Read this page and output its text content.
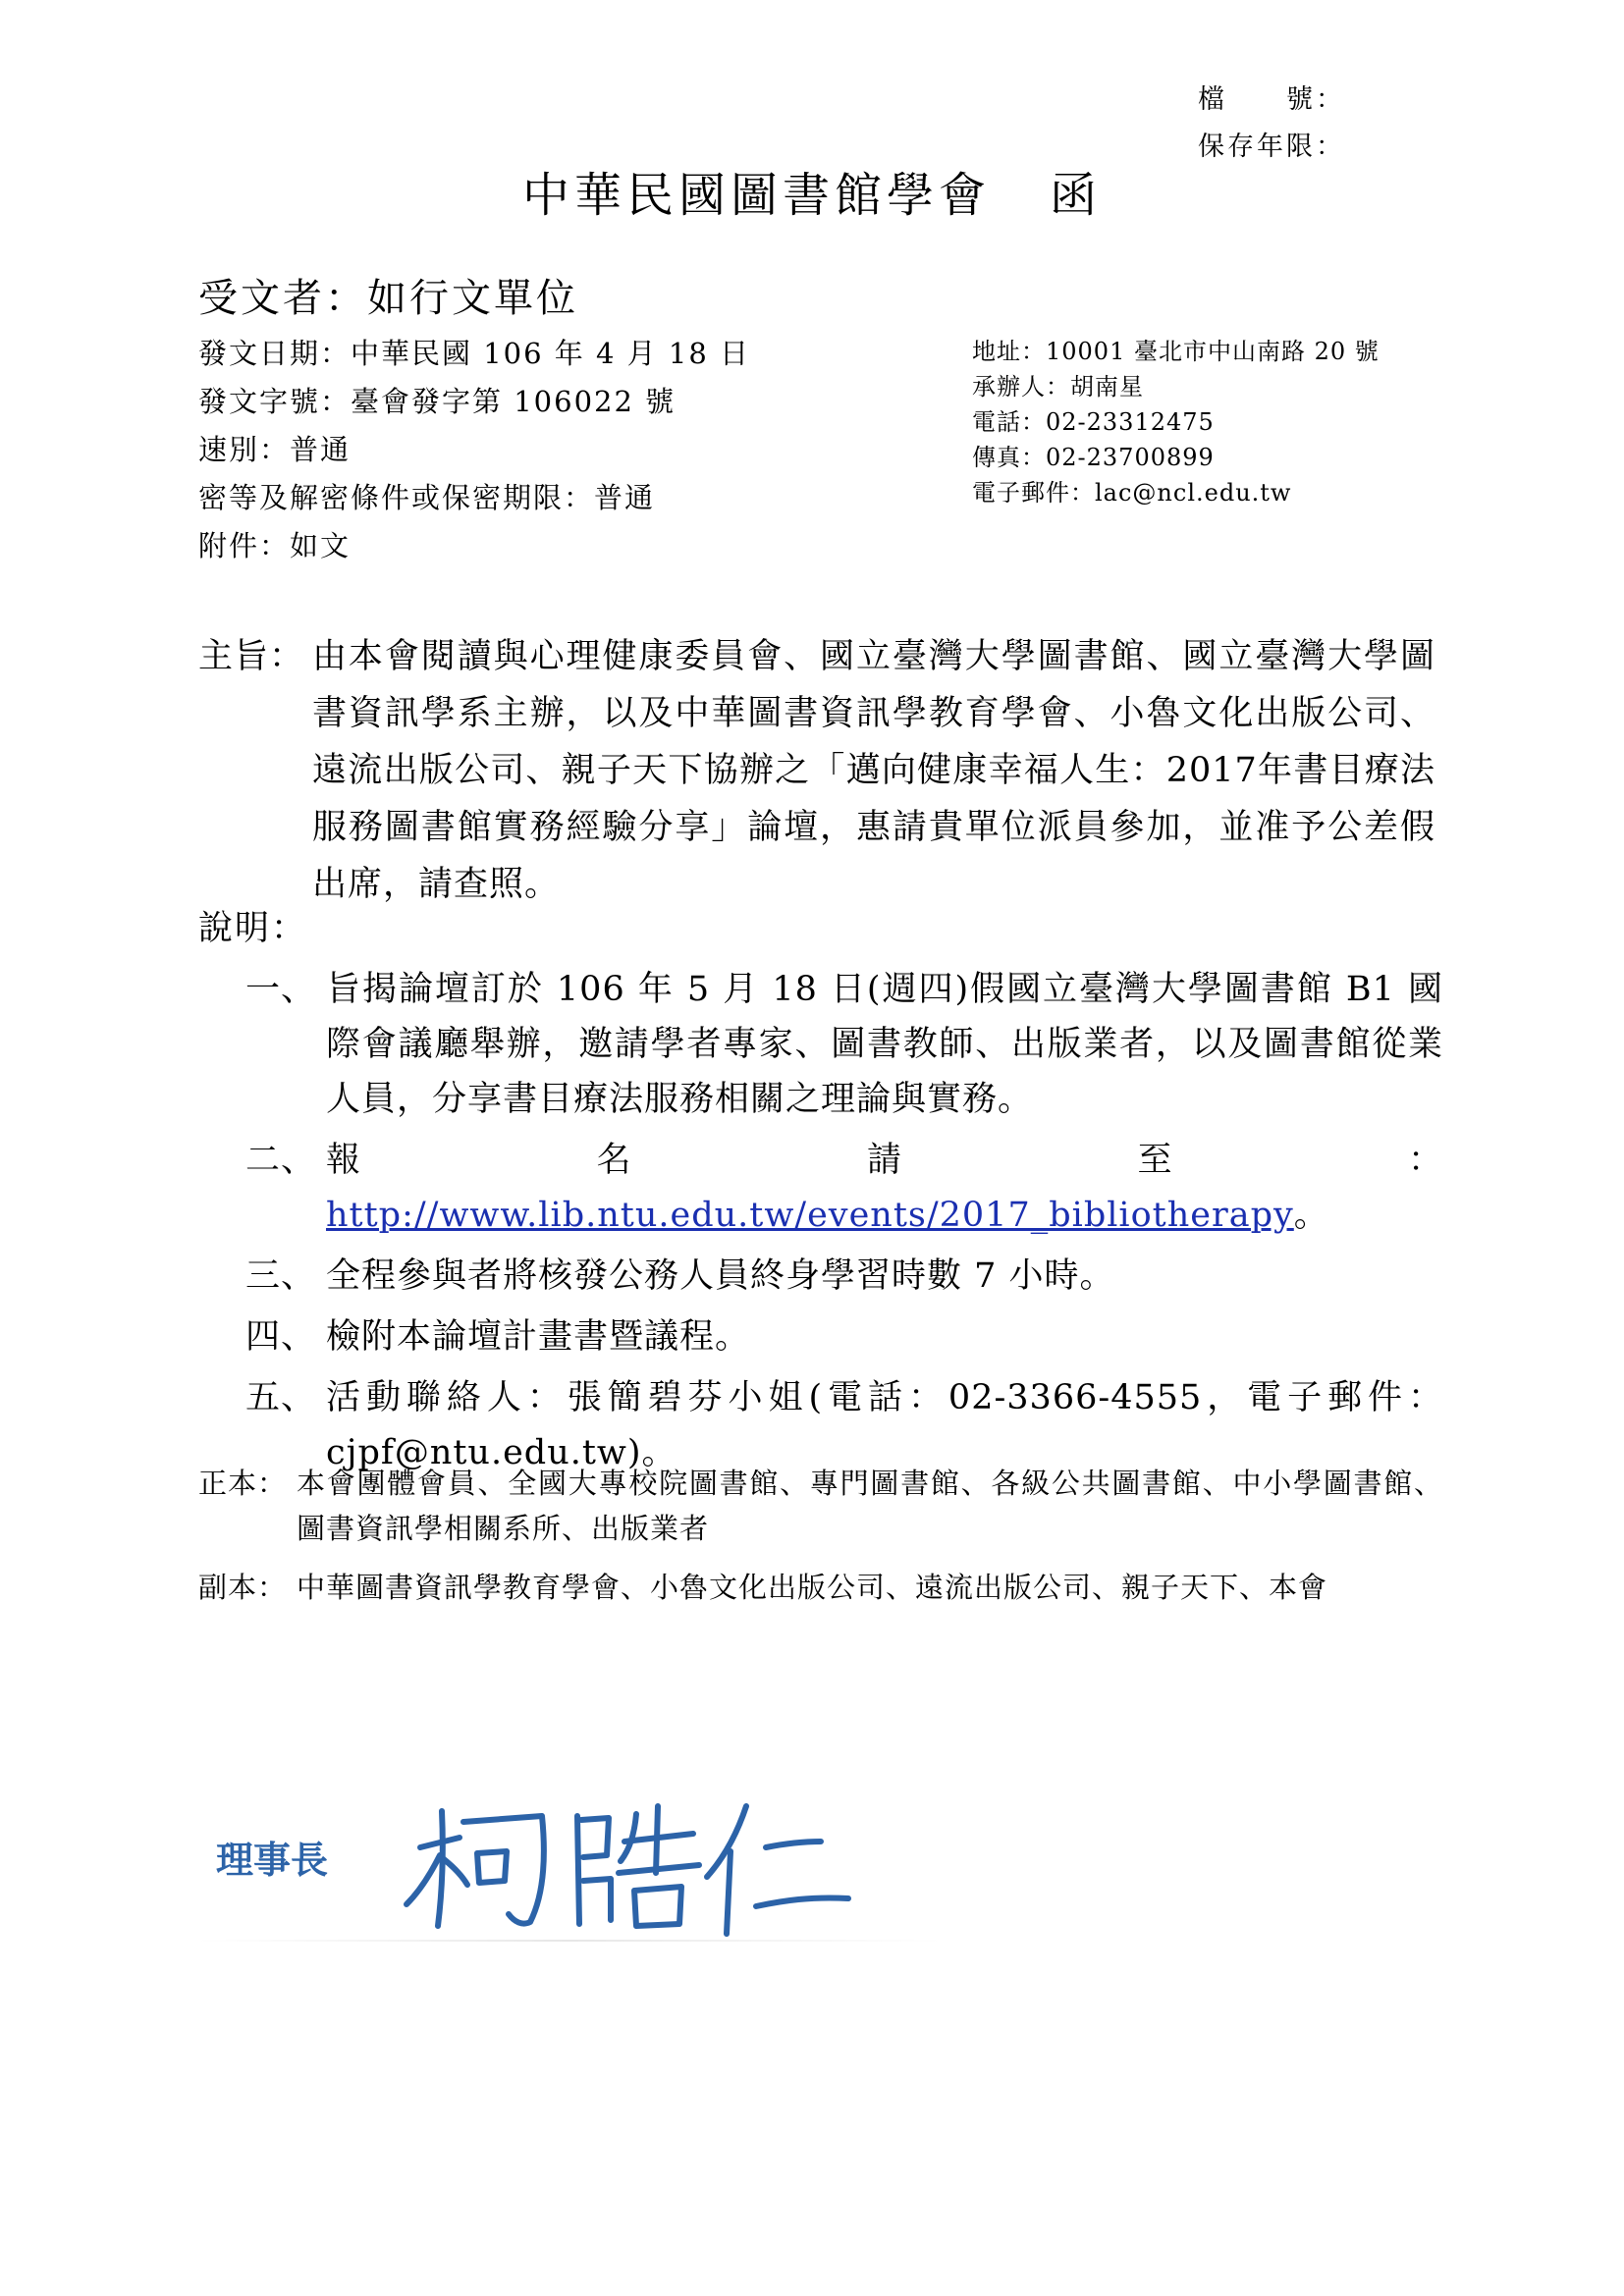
檔　　號：
保存年限：
中華民國圖書館學會 函
受文者：如行文單位
發文日期：中華民國 106 年 4 月 18 日
發文字號：臺會發字第 106022 號
速別：普通
密等及解密條件或保密期限：普通
附件：如文
地址：10001 臺北市中山南路 20 號
承辦人：胡南星
電話：02-23312475
傳真：02-23700899
電子郵件：lac@ncl.edu.tw
主旨： 由本會閱讀與心理健康委員會、國立臺灣大學圖書館、國立臺灣大學圖書資訊學系主辦，以及中華圖書資訊學教育學會、小魯文化出版公司、遠流出版公司、親子天下協辦之「邁向健康幸福人生：2017年書目療法服務圖書館實務經驗分享」論壇，惠請貴單位派員參加，並准予公差假出席，請查照。
說明：
一、 旨揭論壇訂於 106 年 5 月 18 日(週四)假國立臺灣大學圖書館 B1 國際會議廳舉辦，邀請學者專家、圖書教師、出版業者，以及圖書館從業人員，分享書目療法服務相關之理論與實務。
二、 報名請至：http://www.lib.ntu.edu.tw/events/2017_bibliotherapy。
三、 全程參與者將核發公務人員終身學習時數 7 小時。
四、 檢附本論壇計畫書暨議程。
五、 活動聯絡人：張簡碧芬小姐(電話：02-3366-4555，電子郵件：cjpf@ntu.edu.tw)。
正本： 本會團體會員、全國大專校院圖書館、專門圖書館、各級公共圖書館、中小學圖書館、圖書資訊學相關系所、出版業者
副本： 中華圖書資訊學教育學會、小魯文化出版公司、遠流出版公司、親子天下、本會
理事長
